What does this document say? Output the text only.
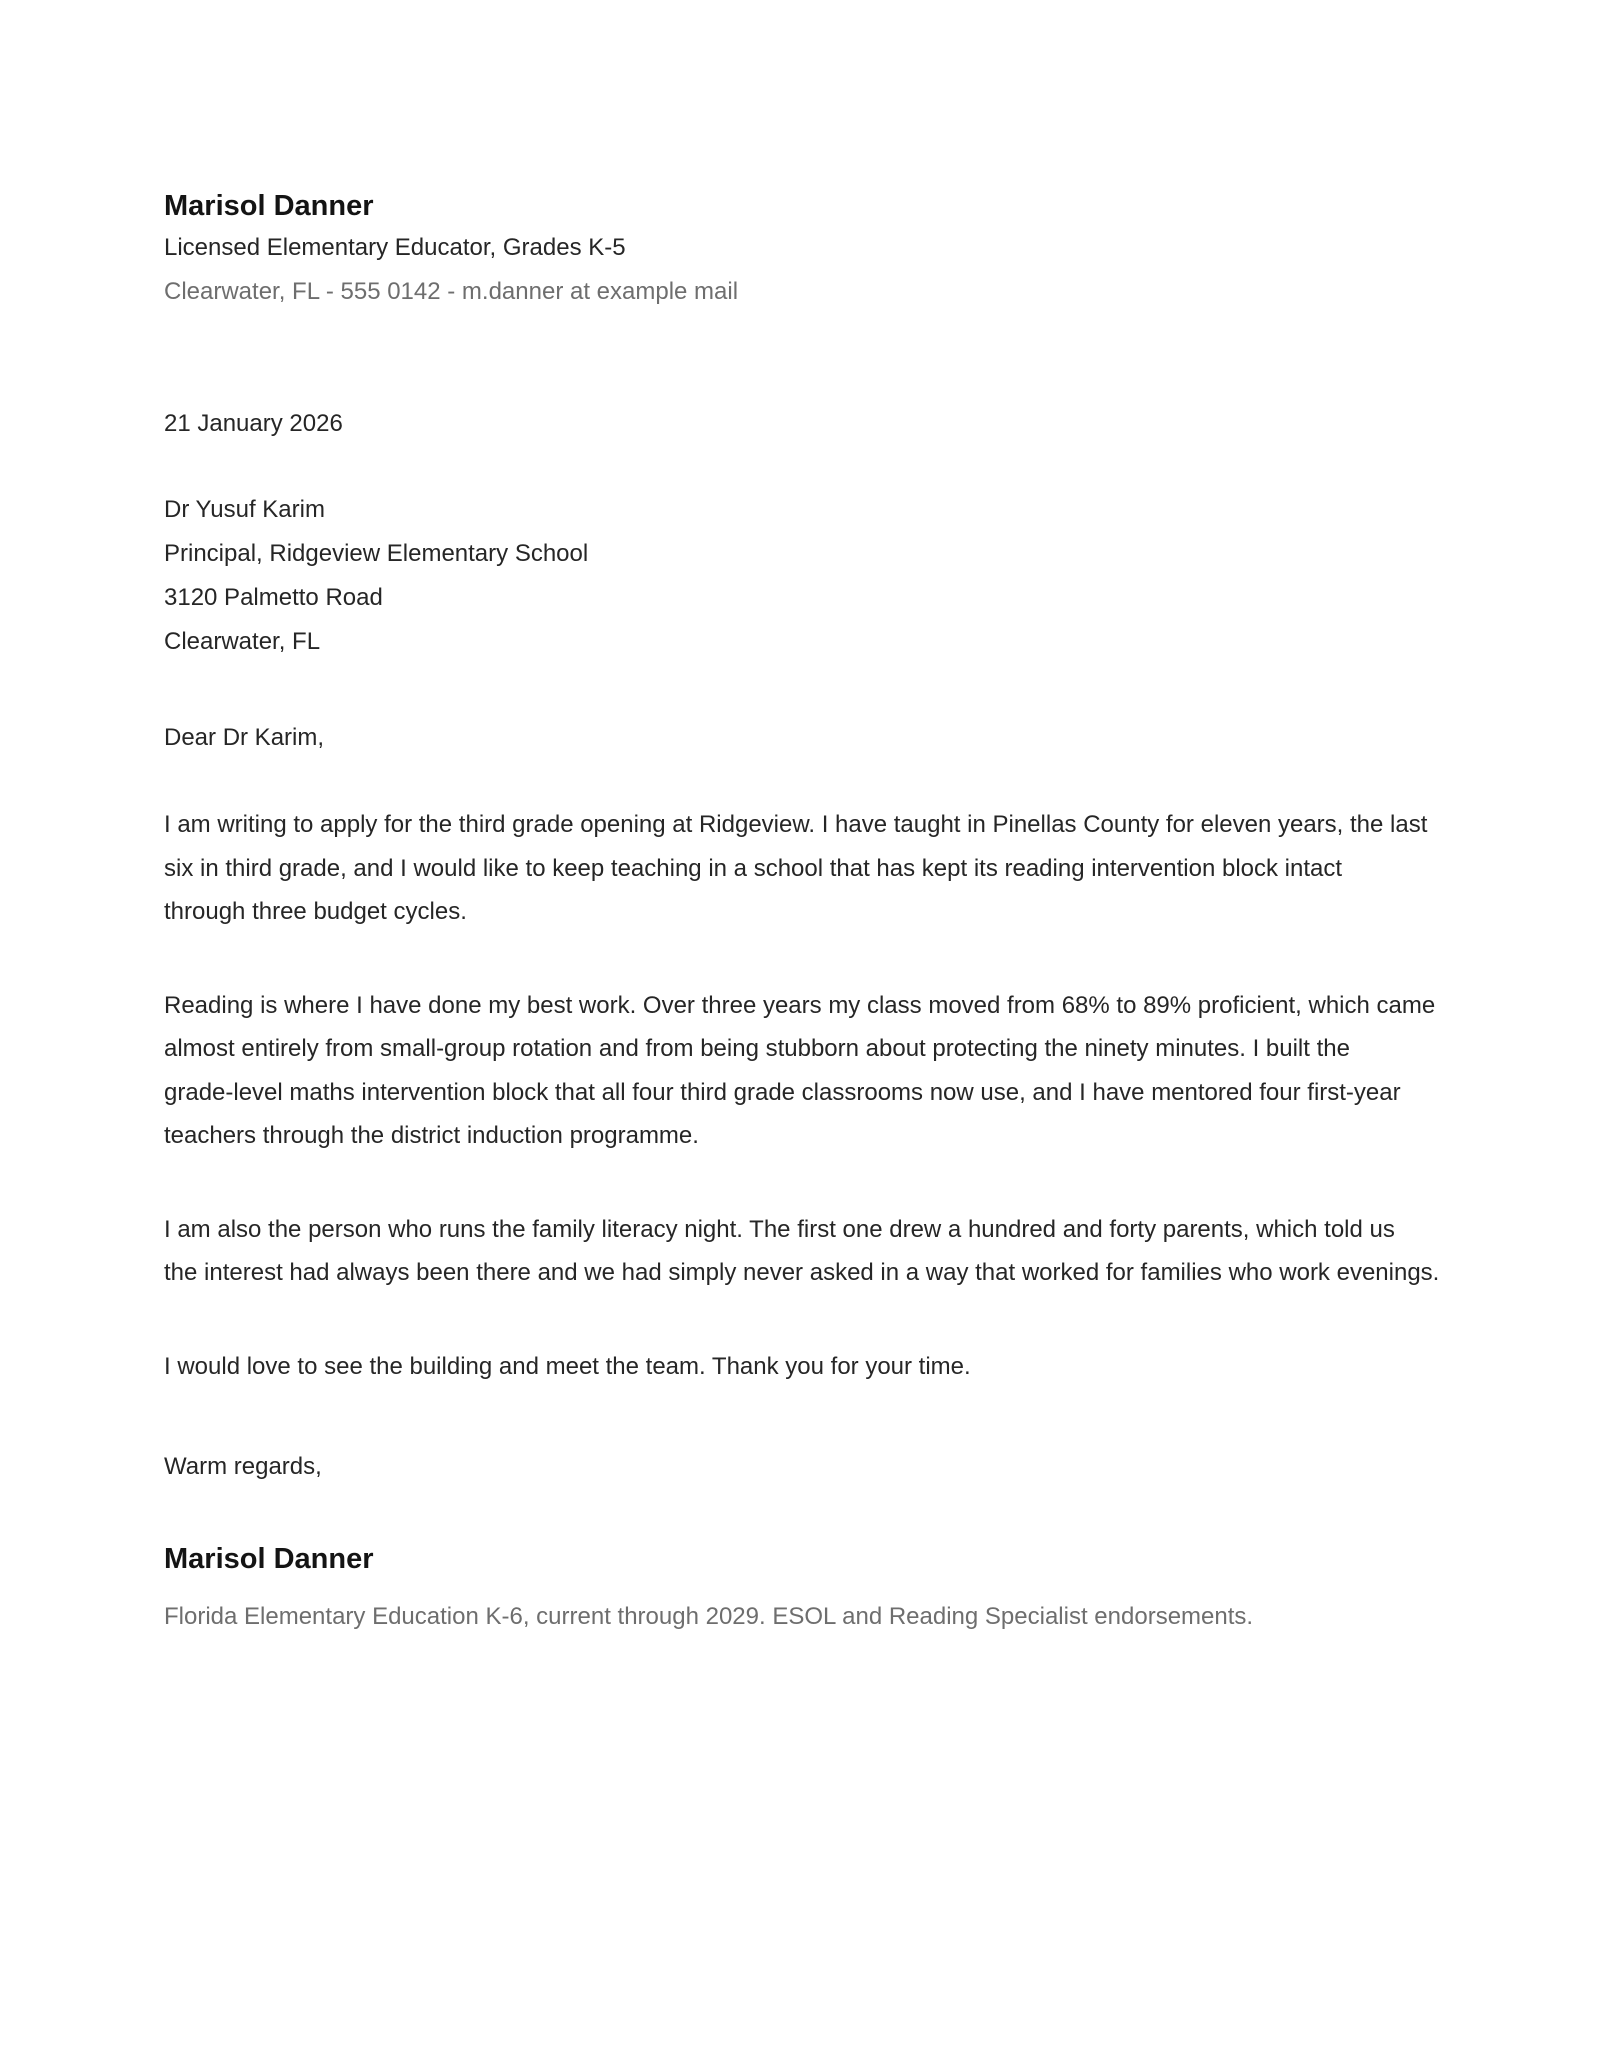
Marisol Danner

Licensed Elementary Educator, Grades K-5

Clearwater, FL - 555 0142 - m.danner at example mail

21 January 2026

Dr Yusuf Karim

Principal, Ridgeview Elementary School

3120 Palmetto Road

Clearwater, FL

Dear Dr Karim,

I am writing to apply for the third grade opening at Ridgeview. I have taught in Pinellas County for eleven years, the last
six in third grade, and I would like to keep teaching in a school that has kept its reading intervention block intact
through three budget cycles.

Reading is where I have done my best work. Over three years my class moved from 68% to 89% proficient, which came
almost entirely from small-group rotation and from being stubborn about protecting the ninety minutes. I built the
grade-level maths intervention block that all four third grade classrooms now use, and I have mentored four first-year
teachers through the district induction programme.

I am also the person who runs the family literacy night. The first one drew a hundred and forty parents, which told us
the interest had always been there and we had simply never asked in a way that worked for families who work evenings.

I would love to see the building and meet the team. Thank you for your time.

Warm regards,

Marisol Danner

Florida Elementary Education K-6, current through 2029. ESOL and Reading Specialist endorsements.
